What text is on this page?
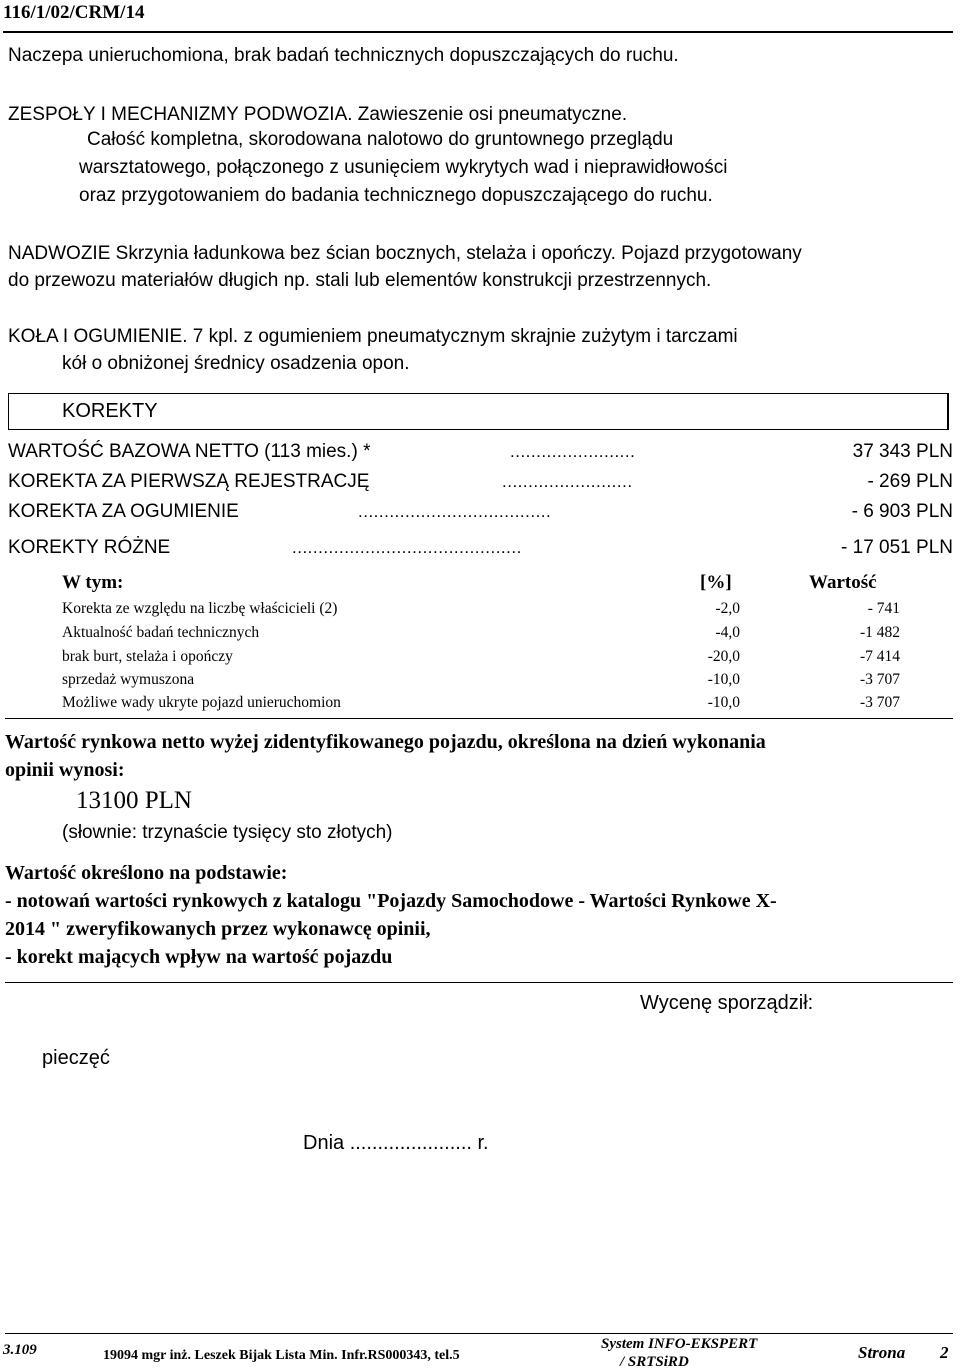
116/1/02/CRM/14
Naczepa unieruchomiona, brak badań technicznych dopuszczających do ruchu.
ZESPOŁY I MECHANIZMY PODWOZIA. Zawieszenie osi pneumatyczne.
Całość kompletna, skorodowana nalotowo do gruntownego przeglądu
warsztatowego, połączonego z usunięciem wykrytych wad i nieprawidłowości
oraz przygotowaniem do badania technicznego dopuszczającego do ruchu.
NADWOZIE Skrzynia ładunkowa bez ścian bocznych, stelaża i opończy. Pojazd przygotowany
do przewozu materiałów długich np. stali lub elementów konstrukcji przestrzennych.
KOŁA I OGUMIENIE. 7 kpl. z ogumieniem pneumatycznym skrajnie zużytym i tarczami
kół o obniżonej średnicy osadzenia opon.
KOREKTY
WARTOŚĆ BAZOWA NETTO (113 mies.) *	........................	37 343 PLN
KOREKTA ZA PIERWSZĄ REJESTRACJĘ	.........................	- 269 PLN
KOREKTA ZA OGUMIENIE	.....................................	- 6 903 PLN
KOREKTY RÓŻNE	............................................	- 17 051 PLN
W tym:	[%]	Wartość
Korekta ze względu na liczbę właścicieli (2)	-2,0	- 741
Aktualność badań technicznych	-4,0	-1 482
brak burt, stelaża i opończy	-20,0	-7 414
sprzedaż wymuszona	-10,0	-3 707
Możliwe wady ukryte pojazd unieruchomion	-10,0	-3 707
Wartość rynkowa netto wyżej zidentyfikowanego pojazdu, określona na dzień wykonania
opinii wynosi:
13100 PLN
(słownie: trzynaście tysięcy sto złotych)
Wartość określono na podstawie:
- notowań wartości rynkowych z katalogu "Pojazdy Samochodowe - Wartości Rynkowe X-
2014 " zweryfikowanych przez wykonawcę opinii,
- korekt mających wpływ na wartość pojazdu
Wycenę sporządził:
pieczęć
Dnia ...................... r.
3.109	19094 mgr inż. Leszek Bijak Lista Min. Infr.RS000343, tel.5
System INFO-EKSPERT
/ SRTSiRD	Strona 2
